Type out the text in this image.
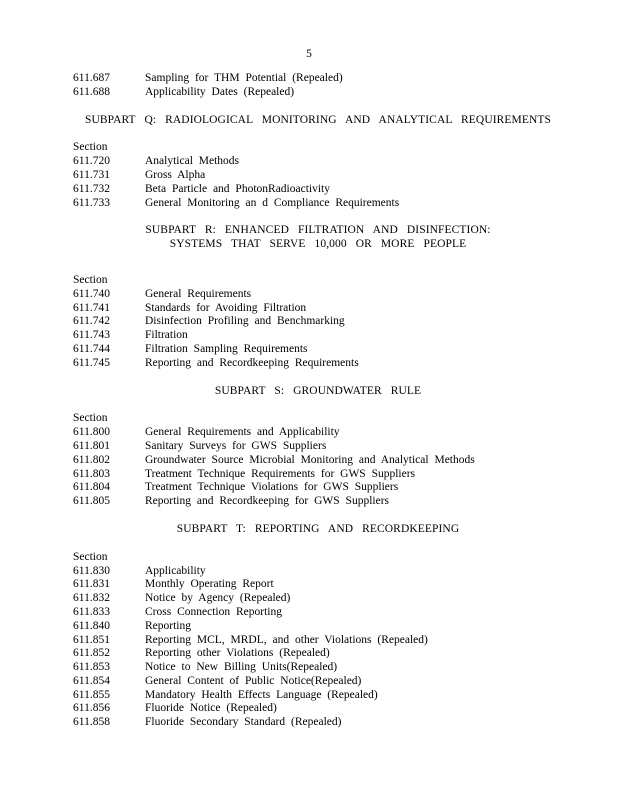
5
611.687	Sampling for THM Potential (Repealed)
611.688	Applicability Dates (Repealed)
SUBPART Q: RADIOLOGICAL MONITORING AND ANALYTICAL REQUIREMENTS
Section
611.720	Analytical Methods
611.731	Gross Alpha
611.732	Beta Particle and PhotonRadioactivity
611.733	General Monitoring an d Compliance Requirements
SUBPART R: ENHANCED FILTRATION AND DISINFECTION:
SYSTEMS THAT SERVE 10,000 OR MORE PEOPLE
Section
611.740	General Requirements
611.741	Standards for Avoiding Filtration
611.742	Disinfection Profiling and Benchmarking
611.743	Filtration
611.744	Filtration Sampling Requirements
611.745	Reporting and Recordkeeping Requirements
SUBPART S: GROUNDWATER RULE
Section
611.800	General Requirements and Applicability
611.801	Sanitary Surveys for GWS Suppliers
611.802	Groundwater Source Microbial Monitoring and Analytical Methods
611.803	Treatment Technique Requirements for GWS Suppliers
611.804	Treatment Technique Violations for GWS Suppliers
611.805	Reporting and Recordkeeping for GWS Suppliers
SUBPART T: REPORTING AND RECORDKEEPING
Section
611.830	Applicability
611.831	Monthly Operating Report
611.832	Notice by Agency (Repealed)
611.833	Cross Connection Reporting
611.840	Reporting
611.851	Reporting MCL, MRDL, and other Violations (Repealed)
611.852	Reporting other Violations (Repealed)
611.853	Notice to New Billing Units(Repealed)
611.854	General Content of Public Notice(Repealed)
611.855	Mandatory Health Effects Language (Repealed)
611.856	Fluoride Notice (Repealed)
611.858	Fluoride Secondary Standard (Repealed)
